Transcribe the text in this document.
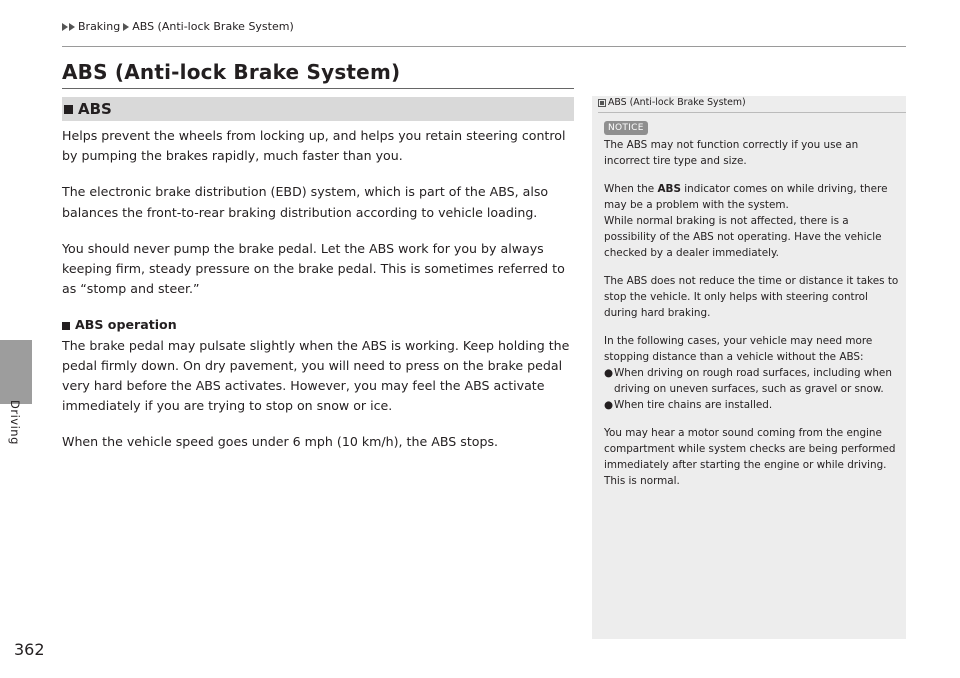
Braking ABS (Anti-lock Brake System)
Driving
362
ABS (Anti-lock Brake System)
ABS

Helps prevent the wheels from locking up, and helps you retain steering control by pumping the brakes rapidly, much faster than you.

The electronic brake distribution (EBD) system, which is part of the ABS, also balances the front-to-rear braking distribution according to vehicle loading.

You should never pump the brake pedal. Let the ABS work for you by always keeping firm, steady pressure on the brake pedal. This is sometimes referred to as “stomp and steer.”

ABS operation

The brake pedal may pulsate slightly when the ABS is working. Keep holding the pedal firmly down. On dry pavement, you will need to press on the brake pedal very hard before the ABS activates. However, you may feel the ABS activate immediately if you are trying to stop on snow or ice.

When the vehicle speed goes under 6 mph (10 km/h), the ABS stops.

ABS (Anti-lock Brake System)
NOTICE

The ABS may not function correctly if you use an incorrect tire type and size.

When the ABS indicator comes on while driving, there may be a problem with the system.

While normal braking is not affected, there is a possibility of the ABS not operating. Have the vehicle checked by a dealer immediately.

The ABS does not reduce the time or distance it takes to stop the vehicle. It only helps with steering control during hard braking.

In the following cases, your vehicle may need more stopping distance than a vehicle without the ABS:

● When driving on rough road surfaces, including when driving on uneven surfaces, such as gravel or snow.
● When tire chains are installed.

You may hear a motor sound coming from the engine compartment while system checks are being performed immediately after starting the engine or while driving. This is normal.
